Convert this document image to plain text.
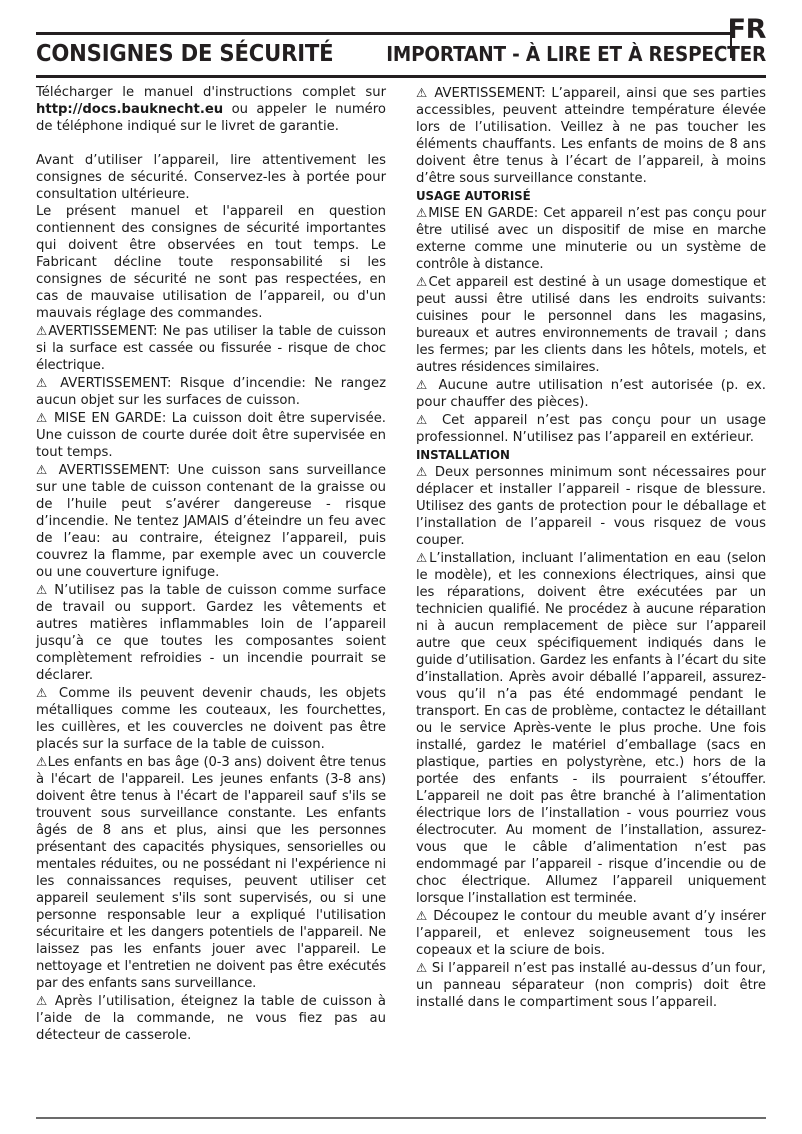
FR
CONSIGNES DE SÉCURITÉ	IMPORTANT - À LIRE ET À RESPECTER

Télécharger le manuel d'instructions complet sur http://docs.bauknecht.eu ou appeler le numéro de téléphone indiqué sur le livret de garantie.

Avant d’utiliser l’appareil, lire attentivement les consignes de sécurité. Conservez-les à portée pour consultation ultérieure.

Le présent manuel et l'appareil en question contiennent des consignes de sécurité importantes qui doivent être observées en tout temps. Le Fabricant décline toute responsabilité si les consignes de sécurité ne sont pas respectées, en cas de mauvaise utilisation de l’appareil, ou d'un mauvais réglage des commandes.

⚠AVERTISSEMENT: Ne pas utiliser la table de cuisson si la surface est cassée ou fissurée - risque de choc électrique.

⚠ AVERTISSEMENT: Risque d’incendie: Ne rangez aucun objet sur les surfaces de cuisson.

⚠ MISE EN GARDE: La cuisson doit être supervisée. Une cuisson de courte durée doit être supervisée en tout temps.

⚠ AVERTISSEMENT: Une cuisson sans surveillance sur une table de cuisson contenant de la graisse ou de l’huile peut s’avérer dangereuse - risque d’incendie. Ne tentez JAMAIS d’éteindre un feu avec de l’eau: au contraire, éteignez l’appareil, puis couvrez la flamme, par exemple avec un couvercle ou une couverture ignifuge.

⚠ N’utilisez pas la table de cuisson comme surface de travail ou support. Gardez les vêtements et autres matières inflammables loin de l’appareil jusqu’à ce que toutes les composantes soient complètement refroidies - un incendie pourrait se déclarer.

⚠ Comme ils peuvent devenir chauds, les objets métalliques comme les couteaux, les fourchettes, les cuillères, et les couvercles ne doivent pas être placés sur la surface de la table de cuisson.

⚠Les enfants en bas âge (0-3 ans) doivent être tenus à l'écart de l'appareil. Les jeunes enfants (3-8 ans) doivent être tenus à l'écart de l'appareil sauf s'ils se trouvent sous surveillance constante. Les enfants âgés de 8 ans et plus, ainsi que les personnes présentant des capacités physiques, sensorielles ou mentales réduites, ou ne possédant ni l'expérience ni les connaissances requises, peuvent utiliser cet appareil seulement s'ils sont supervisés, ou si une personne responsable leur a expliqué l'utilisation sécuritaire et les dangers potentiels de l'appareil. Ne laissez pas les enfants jouer avec l'appareil. Le nettoyage et l'entretien ne doivent pas être exécutés par des enfants sans surveillance.

⚠ Après l’utilisation, éteignez la table de cuisson à l’aide de la commande, ne vous fiez pas au détecteur de casserole.

⚠ AVERTISSEMENT: L’appareil, ainsi que ses parties accessibles, peuvent atteindre température élevée lors de l’utilisation. Veillez à ne pas toucher les éléments chauffants. Les enfants de moins de 8 ans doivent être tenus à l’écart de l’appareil, à moins d’être sous surveillance constante.

USAGE AUTORISÉ

⚠MISE EN GARDE: Cet appareil n’est pas conçu pour être utilisé avec un dispositif de mise en marche externe comme une minuterie ou un système de contrôle à distance.

⚠Cet appareil est destiné à un usage domestique et peut aussi être utilisé dans les endroits suivants: cuisines pour le personnel dans les magasins, bureaux et autres environnements de travail ; dans les fermes; par les clients dans les hôtels, motels, et autres résidences similaires.

⚠ Aucune autre utilisation n’est autorisée (p. ex. pour chauffer des pièces).

⚠ Cet appareil n’est pas conçu pour un usage professionnel. N’utilisez pas l’appareil en extérieur.

INSTALLATION

⚠ Deux personnes minimum sont nécessaires pour déplacer et installer l’appareil - risque de blessure. Utilisez des gants de protection pour le déballage et l’installation de l’appareil - vous risquez de vous couper.

⚠L’installation, incluant l’alimentation en eau (selon le modèle), et les connexions électriques, ainsi que les réparations, doivent être exécutées par un technicien qualifié. Ne procédez à aucune réparation ni à aucun remplacement de pièce sur l’appareil autre que ceux spécifiquement indiqués dans le guide d’utilisation. Gardez les enfants à l’écart du site d’installation. Après avoir déballé l’appareil, assurez-vous qu’il n’a pas été endommagé pendant le transport. En cas de problème, contactez le détaillant ou le service Après-vente le plus proche. Une fois installé, gardez le matériel d’emballage (sacs en plastique, parties en polystyrène, etc.) hors de la portée des enfants - ils pourraient s’étouffer. L’appareil ne doit pas être branché à l’alimentation électrique lors de l’installation - vous pourriez vous électrocuter. Au moment de l’installation, assurez-vous que le câble d’alimentation n’est pas endommagé par l’appareil - risque d’incendie ou de choc électrique. Allumez l’appareil uniquement lorsque l’installation est terminée.

⚠ Découpez le contour du meuble avant d’y insérer l’appareil, et enlevez soigneusement tous les copeaux et la sciure de bois.

⚠ Si l’appareil n’est pas installé au-dessus d’un four, un panneau séparateur (non compris) doit être installé dans le compartiment sous l’appareil.
